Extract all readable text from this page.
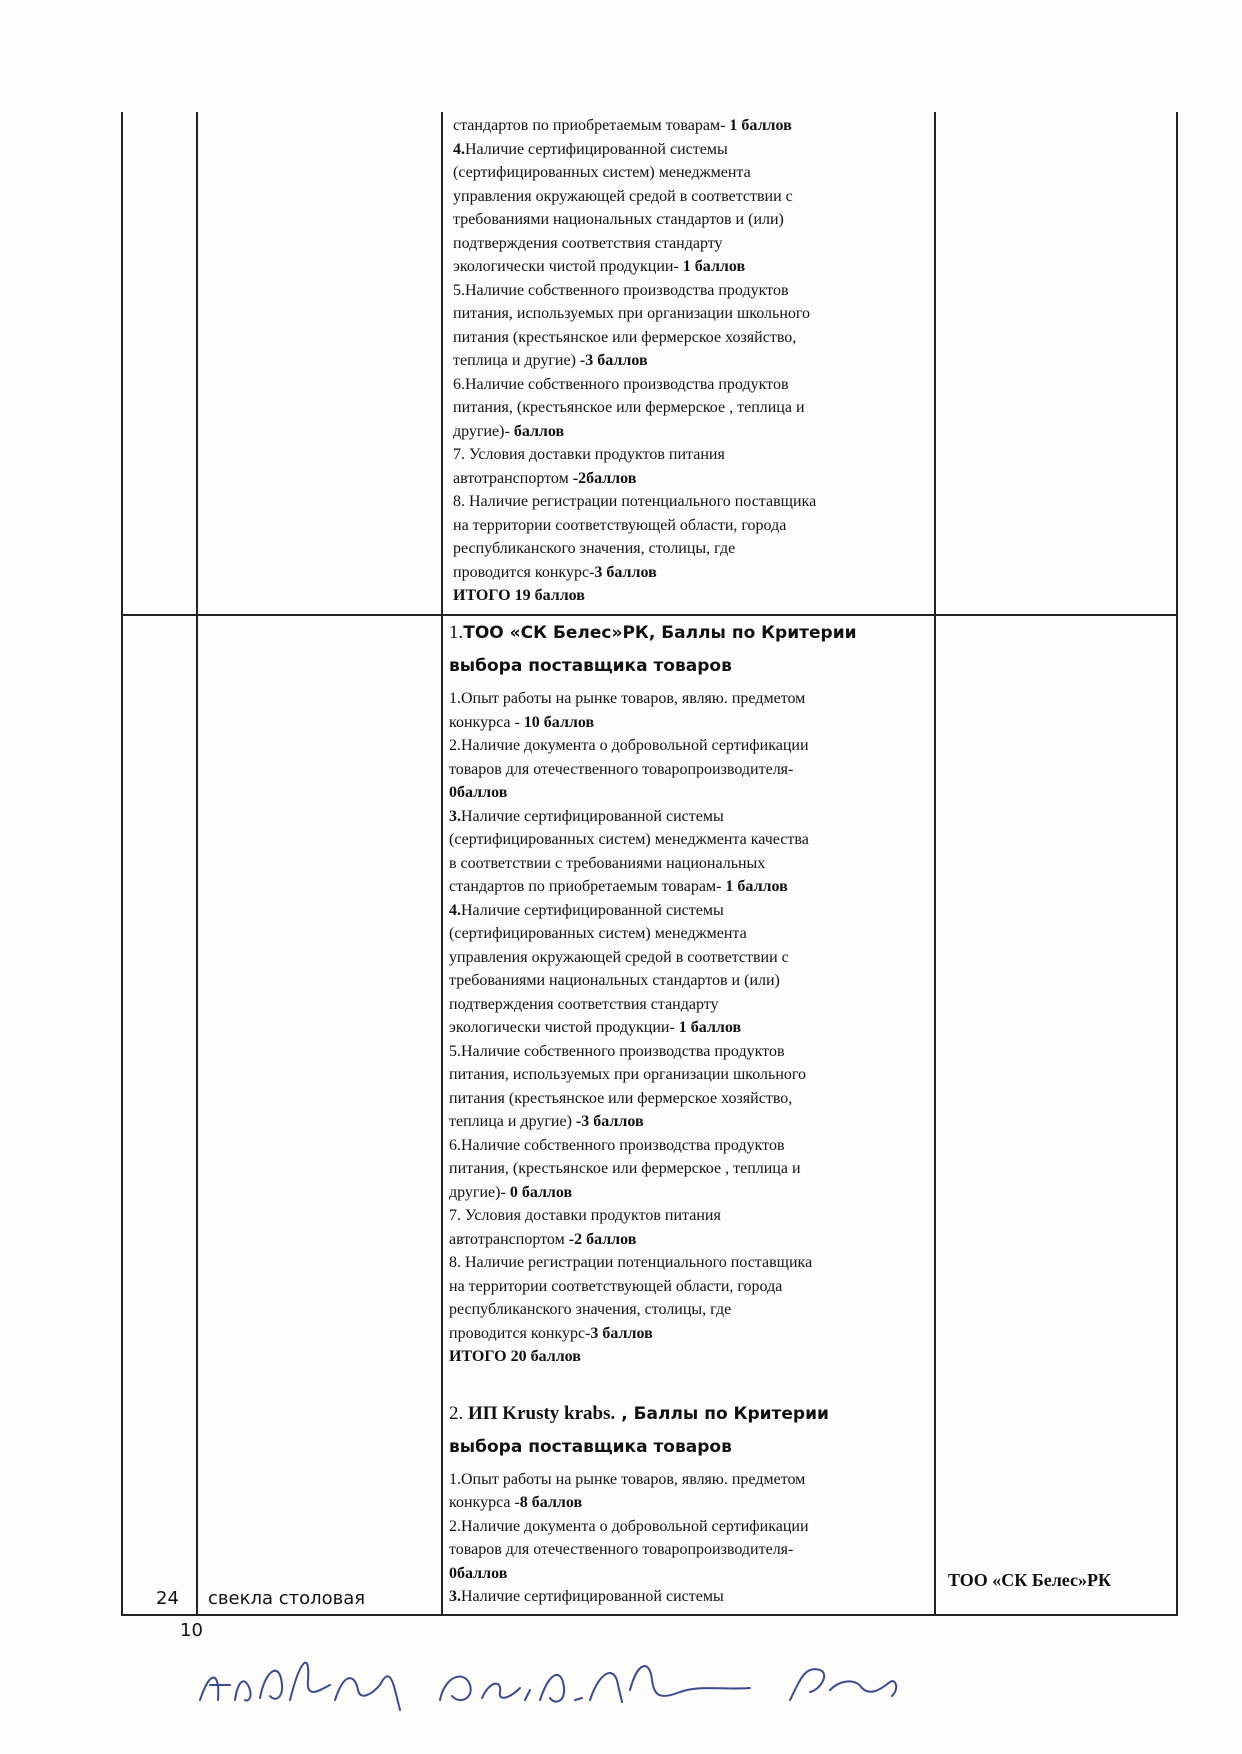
стандартов по приобретаемым товарам- 1 баллов
4.Наличие сертифицированной системы
(сертифицированных систем) менеджмента
управления окружающей средой в соответствии с
требованиями национальных стандартов и (или)
подтверждения соответствия стандарту
экологически чистой продукции- 1 баллов
5.Наличие собственного производства продуктов
питания, используемых при организации школьного
питания (крестьянское или фермерское хозяйство,
теплица и другие) -3 баллов
6.Наличие собственного производства продуктов
питания, (крестьянское или фермерское , теплица и
другие)- баллов
7. Условия доставки продуктов питания
автотранспортом -2баллов
8. Наличие регистрации потенциального поставщика
на территории соответствующей области, города
республиканского значения, столицы, где
проводится конкурс-3 баллов
ИТОГО 19 баллов
1.ТОО «СК Белес»РК, Баллы по Критерии
выбора поставщика товаров
1.Опыт работы на рынке товаров, являю. предметом
конкурса - 10 баллов
2.Наличие документа о добровольной сертификации
товаров для отечественного товаропроизводителя-
0баллов
3.Наличие сертифицированной системы
(сертифицированных систем) менеджмента качества
в соответствии с требованиями национальных
стандартов по приобретаемым товарам- 1 баллов
4.Наличие сертифицированной системы
(сертифицированных систем) менеджмента
управления окружающей средой в соответствии с
требованиями национальных стандартов и (или)
подтверждения соответствия стандарту
экологически чистой продукции- 1 баллов
5.Наличие собственного производства продуктов
питания, используемых при организации школьного
питания (крестьянское или фермерское хозяйство,
теплица и другие) -3 баллов
6.Наличие собственного производства продуктов
питания, (крестьянское или фермерское , теплица и
другие)- 0 баллов
7. Условия доставки продуктов питания
автотранспортом -2 баллов
8. Наличие регистрации потенциального поставщика
на территории соответствующей области, города
республиканского значения, столицы, где
проводится конкурс-3 баллов
ИТОГО 20 баллов
2. ИП Krusty krabs. , Баллы по Критерии
выбора поставщика товаров
1.Опыт работы на рынке товаров, являю. предметом
конкурса -8 баллов
2.Наличие документа о добровольной сертификации
товаров для отечественного товаропроизводителя-
0баллов
3.Наличие сертифицированной системы
24 свекла столовая
ТОО «СК Белес»РК
10
